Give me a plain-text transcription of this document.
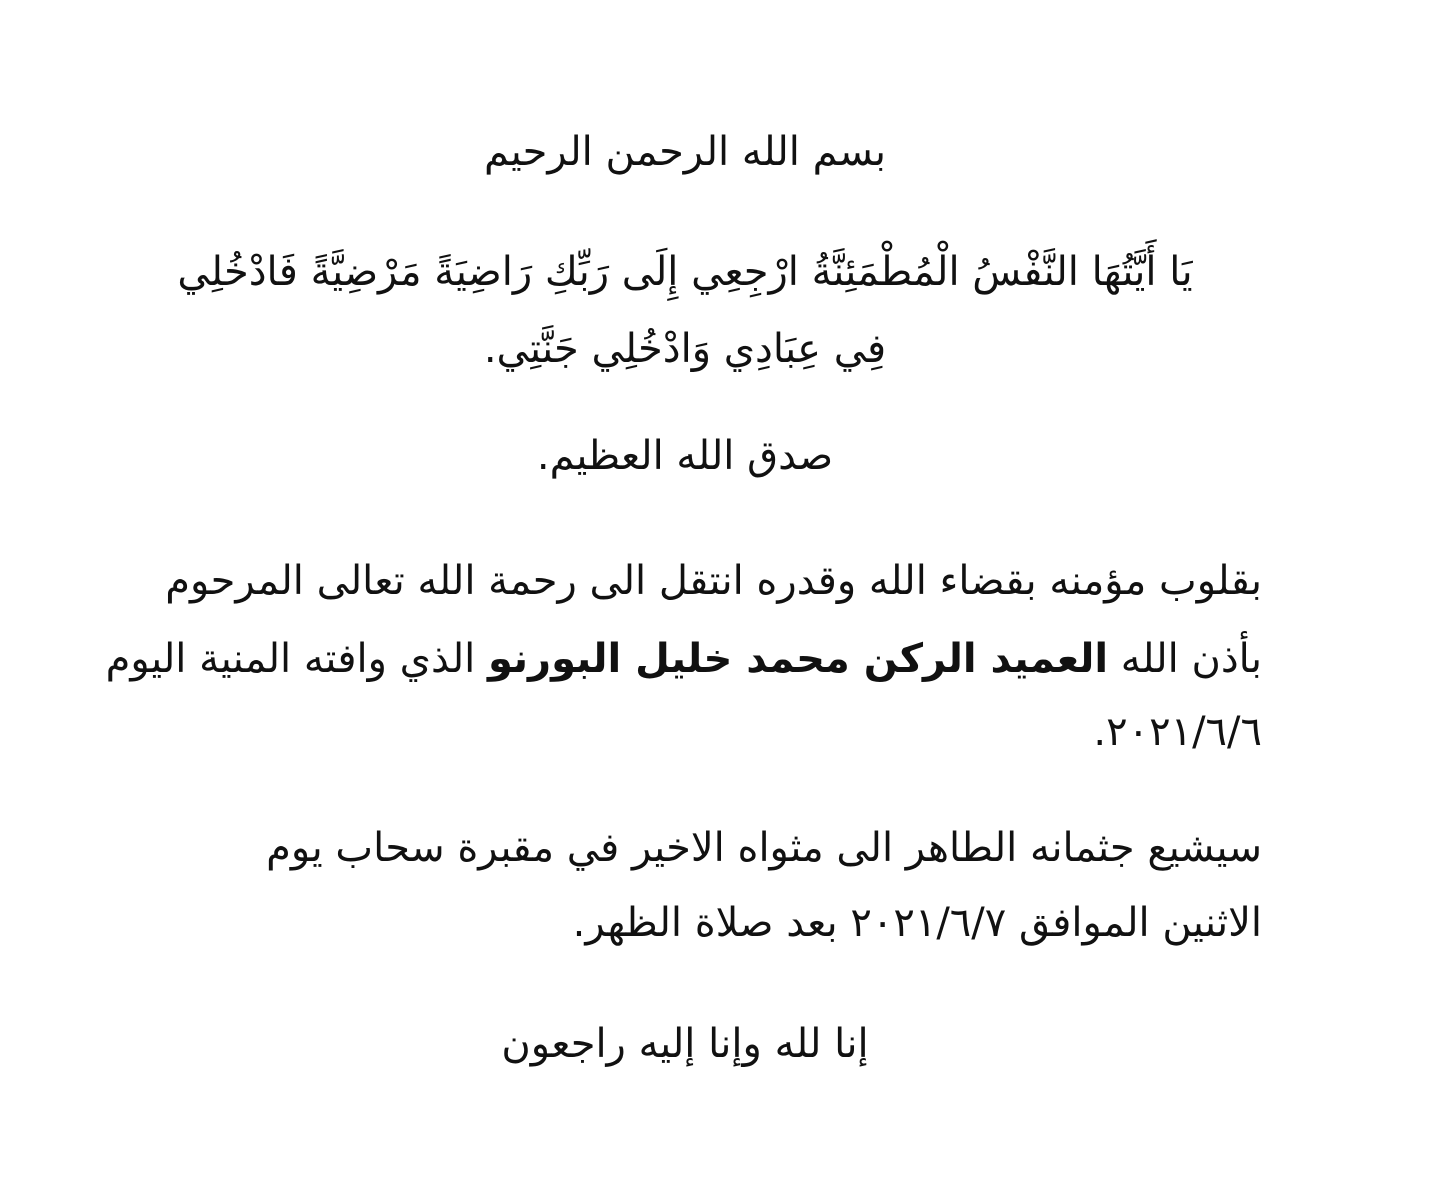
بسم الله الرحمن الرحيم
يَا أَيَّتُهَا النَّفْسُ الْمُطْمَئِنَّةُ ارْجِعِي إِلَى رَبِّكِ رَاضِيَةً مَرْضِيَّةً فَادْخُلِي
فِي عِبَادِي وَادْخُلِي جَنَّتِي.
صدق الله العظيم.
بقلوب مؤمنه بقضاء الله وقدره انتقل الى رحمة الله تعالى المرحوم
بأذن الله العميد الركن محمد خليل البورنو الذي وافته المنية اليوم
٢٠٢١/٦/٦.
سيشيع جثمانه الطاهر الى مثواه الاخير في مقبرة سحاب يوم
الاثنين الموافق ٢٠٢١/٦/٧ بعد صلاة الظهر.
إنا لله وإنا إليه راجعون
